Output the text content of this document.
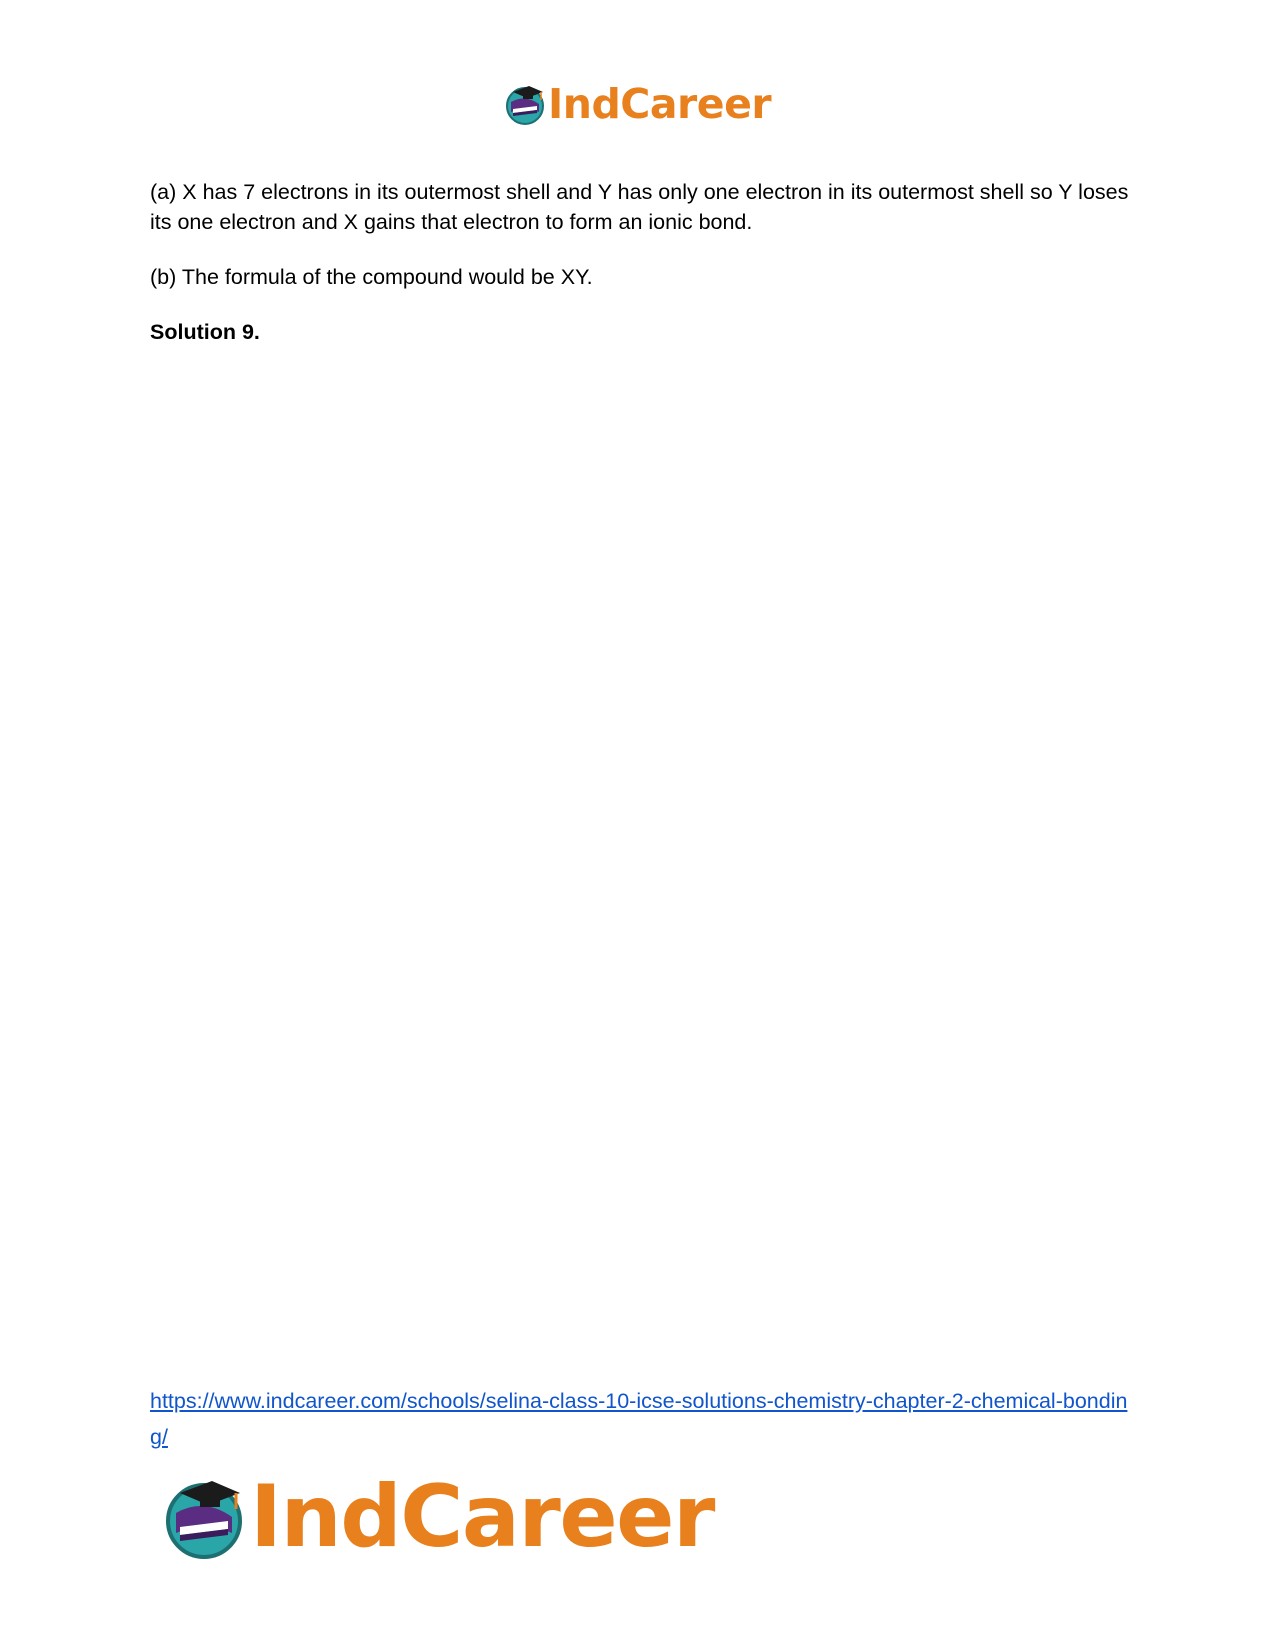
IndCareer
(a) X has 7 electrons in its outermost shell and Y has only one electron in its outermost shell so Y loses its one electron and X gains that electron to form an ionic bond.
(b) The formula of the compound would be XY.
Solution 9.
https://www.indcareer.com/schools/selina-class-10-icse-solutions-chemistry-chapter-2-chemical-bonding/
IndCareer
